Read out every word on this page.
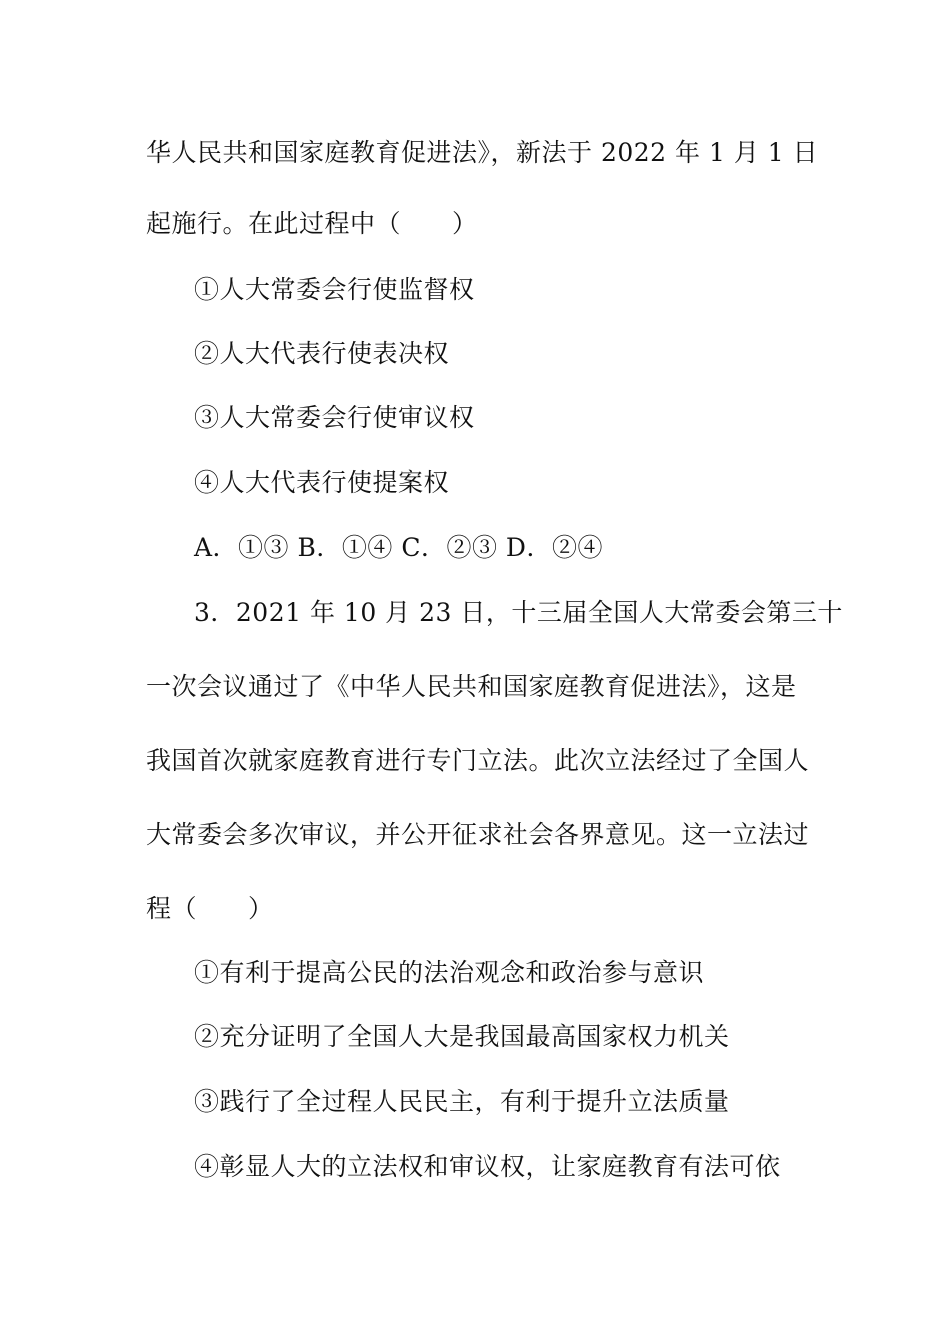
华人民共和国家庭教育促进法》，新法于 2022 年 1 月 1 日
起施行。在此过程中（　　）
①人大常委会行使监督权
②人大代表行使表决权
③人大常委会行使审议权
④人大代表行使提案权
A．①③ B．①④ C．②③ D．②④
3．2021 年 10 月 23 日，十三届全国人大常委会第三十
一次会议通过了《中华人民共和国家庭教育促进法》，这是
我国首次就家庭教育进行专门立法。此次立法经过了全国人
大常委会多次审议，并公开征求社会各界意见。这一立法过
程（　　）
①有利于提高公民的法治观念和政治参与意识
②充分证明了全国人大是我国最高国家权力机关
③践行了全过程人民民主，有利于提升立法质量
④彰显人大的立法权和审议权，让家庭教育有法可依
